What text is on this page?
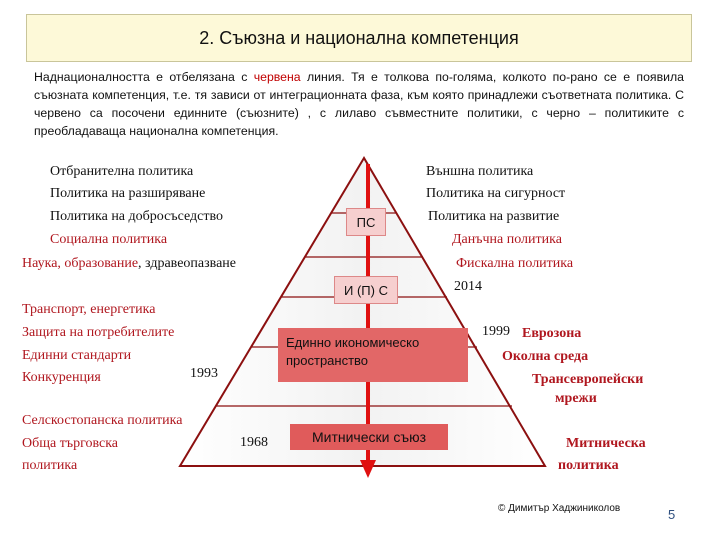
2. Съюзна и национална компетенция
Наднационалността е отбелязана с червена линия. Тя е толкова по-голяма, колкото по-рано се е появила съюзната компетенция, т.е. тя зависи от интеграционната фаза, към която принадлежи съответната политика. С червено са посочени единните (съюзните) , с лилаво съвместните политики, с черно – политиките с преобладаваща национална компетенция.
ПС
И (П) С
Единно икономическо
пространство
Митнически съюз
Отбранителна политика
Политика на разширяване
Политика на добросъседство
Социална политика
Наука, образование, здравеопазване
Транспорт, енергетика
Защита на потребителите
Единни стандарти
Конкуренция	1993
Селскостопанска политика
Обща търговска
политика
1968
Външна политика
Политика на сигурност
Политика на развитие
Данъчна политика
Фискална политика
2014
1999 Еврозона
Околна среда
Трансевропейски
мрежи
Митническа
политика
© Димитър Хаджиниколов	5
